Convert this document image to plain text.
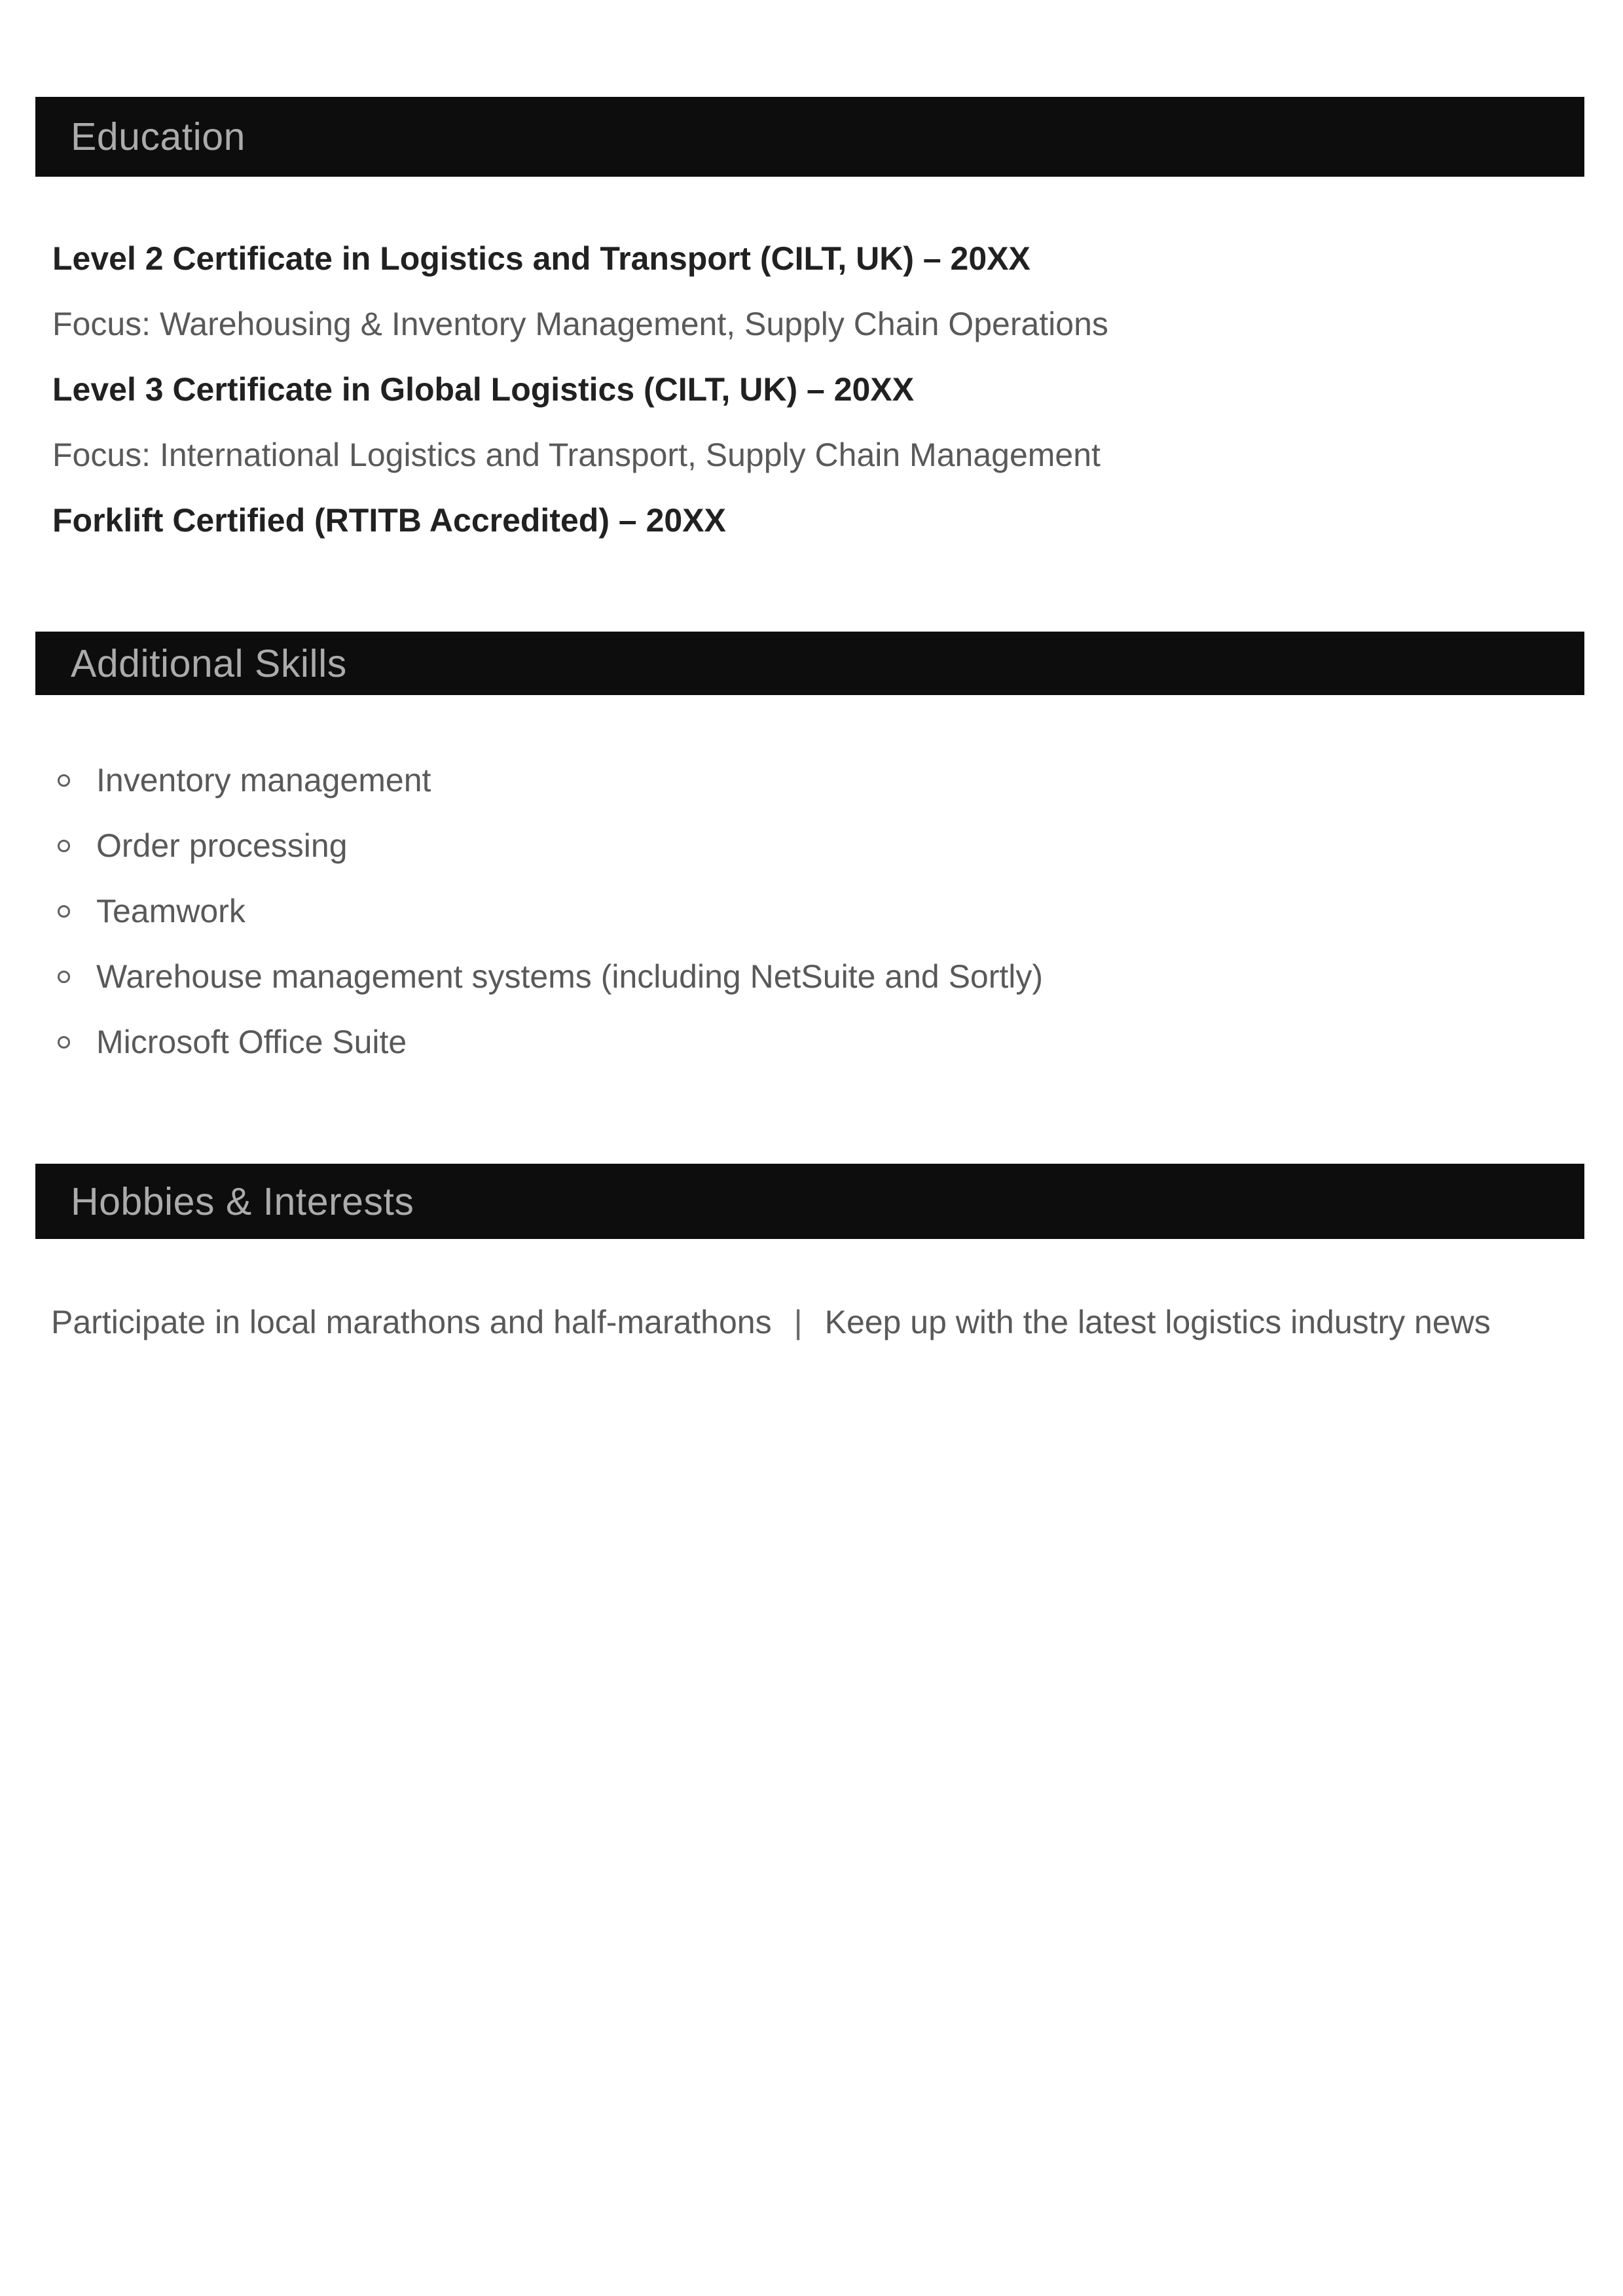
Education

Level 2 Certificate in Logistics and Transport (CILT, UK) – 20XX

Focus: Warehousing & Inventory Management, Supply Chain Operations

Level 3 Certificate in Global Logistics (CILT, UK) – 20XX

Focus: International Logistics and Transport, Supply Chain Management

Forklift Certified (RTITB Accredited) – 20XX

Additional Skills
Inventory management
Order processing
Teamwork
Warehouse management systems (including NetSuite and Sortly)
Microsoft Office Suite
Hobbies & Interests
Participate in local marathons and half-marathons | Keep up with the latest logistics industry news
